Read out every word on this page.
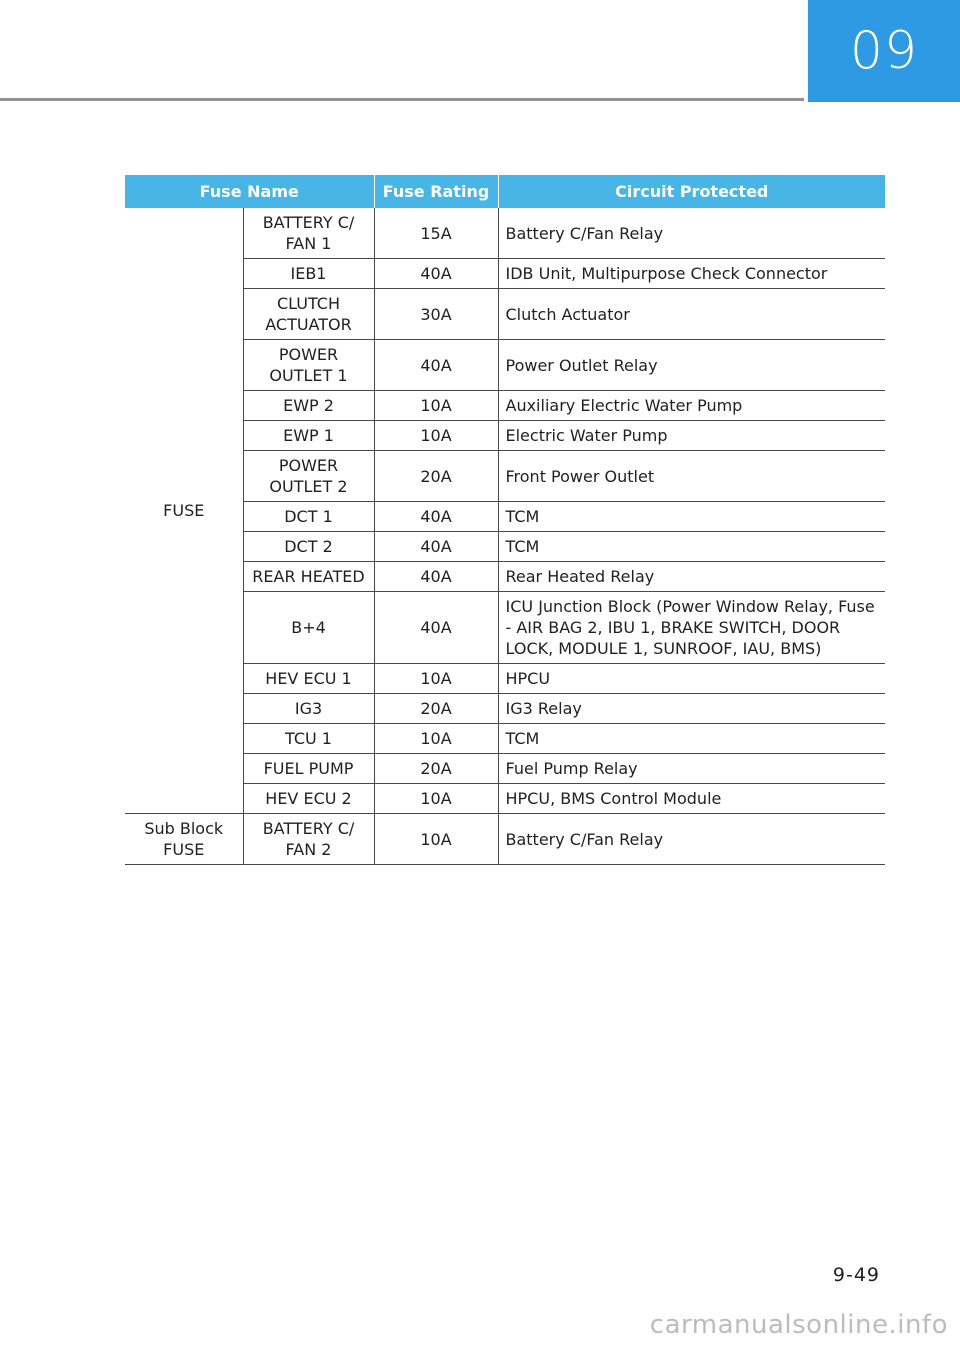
09
Fuse Name		Fuse Rating	Circuit Protected
FUSE	BATTERY C/ FAN 1	15A	Battery C/Fan Relay
	IEB1	40A	IDB Unit, Multipurpose Check Connector
	CLUTCH ACTUATOR	30A	Clutch Actuator
	POWER OUTLET 1	40A	Power Outlet Relay
	EWP 2	10A	Auxiliary Electric Water Pump
	EWP 1	10A	Electric Water Pump
	POWER OUTLET 2	20A	Front Power Outlet
	DCT 1	40A	TCM
	DCT 2	40A	TCM
	REAR HEATED	40A	Rear Heated Relay
	B+4	40A	ICU Junction Block (Power Window Relay, Fuse - AIR BAG 2, IBU 1, BRAKE SWITCH, DOOR LOCK, MODULE 1, SUNROOF, IAU, BMS)
	HEV ECU 1	10A	HPCU
	IG3	20A	IG3 Relay
	TCU 1	10A	TCM
	FUEL PUMP	20A	Fuel Pump Relay
	HEV ECU 2	10A	HPCU, BMS Control Module
Sub Block FUSE	BATTERY C/ FAN 2	10A	Battery C/Fan Relay
9-49
carmanualsonline.info
